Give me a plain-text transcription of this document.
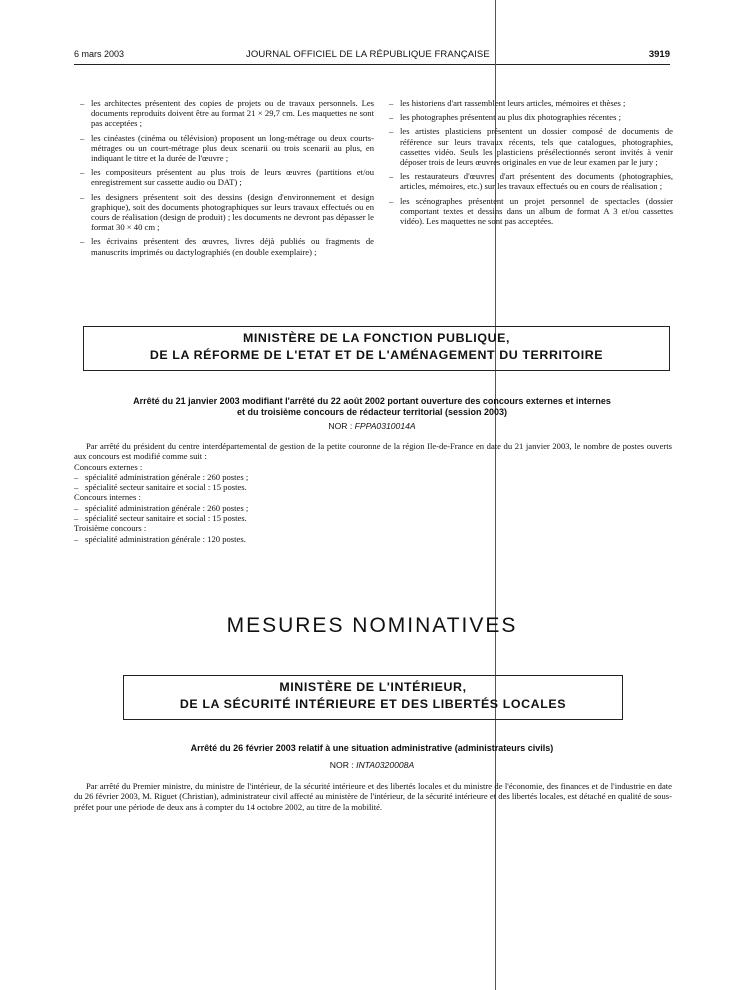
6 mars 2003	JOURNAL OFFICIEL DE LA RÉPUBLIQUE FRANÇAISE	3919
– les architectes présentent des copies de projets ou de travaux personnels. Les documents reproduits doivent être au format 21 × 29,7 cm. Les maquettes ne sont pas acceptées ;
– les cinéastes (cinéma ou télévision) proposent un long-métrage ou deux courts-métrages ou un court-métrage plus deux scenarii ou trois scenarii au plus, en indiquant le titre et la durée de l'œuvre ;
– les compositeurs présentent au plus trois de leurs œuvres (partitions et/ou enregistrement sur cassette audio ou DAT) ;
– les designers présentent soit des dessins (design d'environnement et design graphique), soit des documents photographiques sur leurs travaux effectués ou en cours de réalisation (design de produit) ; les documents ne devront pas dépasser le format 30 × 40 cm ;
– les écrivains présentent des œuvres, livres déjà publiés ou fragments de manuscrits imprimés ou dactylographiés (en double exemplaire) ;
– les historiens d'art rassemblent leurs articles, mémoires et thèses ;
– les photographes présentent au plus dix photographies récentes ;
– les artistes plasticiens présentent un dossier composé de documents de référence sur leurs travaux récents, tels que catalogues, photographies, cassettes vidéo. Seuls les plasticiens présélectionnés seront invités à venir déposer trois de leurs œuvres originales en vue de leur examen par le jury ;
– les restaurateurs d'œuvres d'art présentent des documents (photographies, articles, mémoires, etc.) sur les travaux effectués ou en cours de réalisation ;
– les scénographes présentent un projet personnel de spectacles (dossier comportant textes et dessins dans un album de format A 3 et/ou cassettes vidéo). Les maquettes ne sont pas acceptées.
MINISTÈRE DE LA FONCTION PUBLIQUE,
DE LA RÉFORME DE L'ETAT ET DE L'AMÉNAGEMENT DU TERRITOIRE
Arrêté du 21 janvier 2003 modifiant l'arrêté du 22 août 2002 portant ouverture des concours externes et internes
et du troisième concours de rédacteur territorial (session 2003)
NOR : FPPA0310014A

Par arrêté du président du centre interdépartemental de gestion de la petite couronne de la région Ile-de-France en date du 21 janvier 2003, le nombre de postes ouverts aux concours est modifié comme suit :

Concours externes :
– spécialité administration générale : 260 postes ;
– spécialité secteur sanitaire et social : 15 postes.
Concours internes :
– spécialité administration générale : 260 postes ;
– spécialité secteur sanitaire et social : 15 postes.
Troisième concours :
– spécialité administration générale : 120 postes.
MESURES NOMINATIVES
MINISTÈRE DE L'INTÉRIEUR,
DE LA SÉCURITÉ INTÉRIEURE ET DES LIBERTÉS LOCALES
Arrêté du 26 février 2003 relatif à une situation administrative (administrateurs civils)
NOR : INTA0320008A

Par arrêté du Premier ministre, du ministre de l'intérieur, de la sécurité intérieure et des libertés locales et du ministre de l'économie, des finances et de l'industrie en date du 26 février 2003, M. Riguet (Christian), administrateur civil affecté au ministère de l'intérieur, de la sécurité intérieure et des libertés locales, est détaché en qualité de sous-préfet pour une période de deux ans à compter du 14 octobre 2002, au titre de la mobilité.
